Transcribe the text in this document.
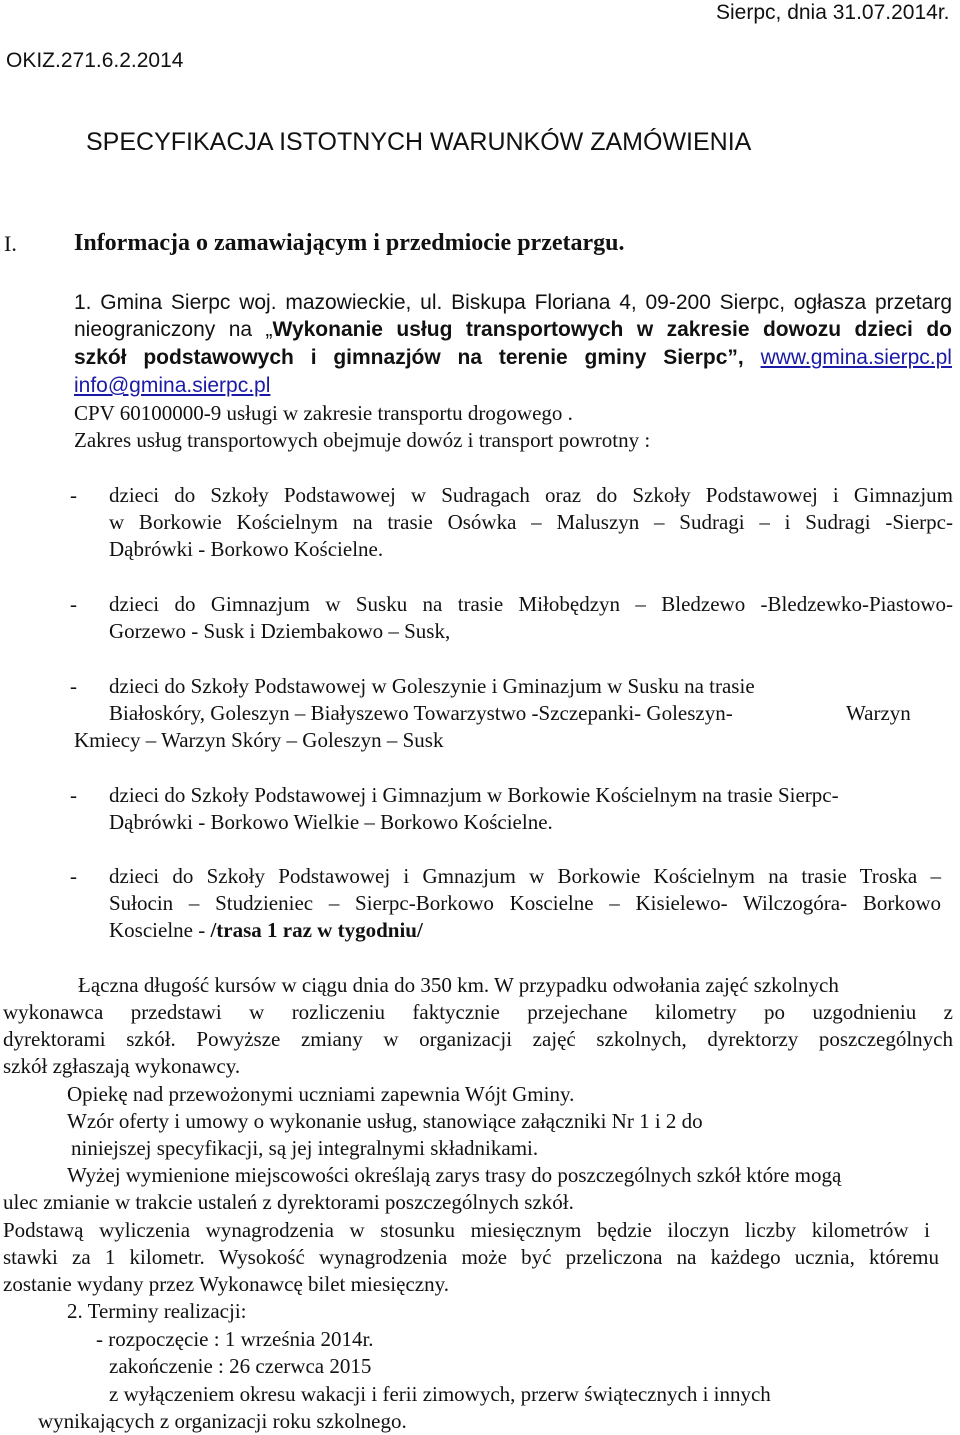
OKIZ.271.6.2.2014
Sierpc, dnia 31.07.2014r.
SPECYFIKACJA ISTOTNYCH WARUNKÓW ZAMÓWIENIA
I. Informacja o zamawiającym i przedmiocie przetargu.
1. Gmina Sierpc woj. mazowieckie, ul. Biskupa Floriana 4, 09-200 Sierpc, ogłasza przetarg
nieograniczony na „Wykonanie usług transportowych w zakresie dowozu dzieci do
szkół podstawowych i gimnazjów na terenie gminy Sierpc”, www.gmina.sierpc.pl
info@gmina.sierpc.pl
CPV 60100000-9 usługi w zakresie transportu drogowego .
Zakres usług transportowych obejmuje dowóz i transport powrotny :
- dzieci do Szkoły Podstawowej w Sudragach oraz do Szkoły Podstawowej i Gimnazjum
w Borkowie Kościelnym na trasie Osówka – Maluszyn – Sudragi – i Sudragi -Sierpc-
Dąbrówki - Borkowo Kościelne.
- dzieci do Gimnazjum w Susku na trasie Miłobędzyn – Bledzewo -Bledzewko-Piastowo-
Gorzewo - Susk i Dziembakowo – Susk,
- dzieci do Szkoły Podstawowej w Goleszynie i Gminazjum w Susku na trasie
Białoskóry, Goleszyn – Białyszewo Towarzystwo -Szczepanki- Goleszyn-	Warzyn
Kmiecy – Warzyn Skóry – Goleszyn – Susk
- dzieci do Szkoły Podstawowej i Gimnazjum w Borkowie Kościelnym na trasie Sierpc-
Dąbrówki - Borkowo Wielkie – Borkowo Kościelne.
- dzieci do Szkoły Podstawowej i Gmnazjum w Borkowie Kościelnym na trasie Troska –
Sułocin – Studzieniec – Sierpc-Borkowo Koscielne – Kisielewo- Wilczogóra- Borkowo
Koscielne - /trasa 1 raz w tygodniu/
Łączna długość kursów w ciągu dnia do 350 km. W przypadku odwołania zajęć szkolnych
wykonawca przedstawi w rozliczeniu faktycznie przejechane kilometry po uzgodnieniu z
dyrektorami szkół. Powyższe zmiany w organizacji zajęć szkolnych, dyrektorzy poszczególnych
szkół zgłaszają wykonawcy.
Opiekę nad przewożonymi uczniami zapewnia Wójt Gminy.
Wzór oferty i umowy o wykonanie usług, stanowiące załączniki Nr 1 i 2 do
niniejszej specyfikacji, są jej integralnymi składnikami.
Wyżej wymienione miejscowości określają zarys trasy do poszczególnych szkół które mogą
ulec zmianie w trakcie ustaleń z dyrektorami poszczególnych szkół.
Podstawą wyliczenia wynagrodzenia w stosunku miesięcznym będzie iloczyn liczby kilometrów i
stawki za 1 kilometr. Wysokość wynagrodzenia może być przeliczona na każdego ucznia, któremu
zostanie wydany przez Wykonawcę bilet miesięczny.
2. Terminy realizacji:
- rozpoczęcie : 1 września 2014r.
zakończenie : 26 czerwca 2015
z wyłączeniem okresu wakacji i ferii zimowych, przerw świątecznych i innych
wynikających z organizacji roku szkolnego.
